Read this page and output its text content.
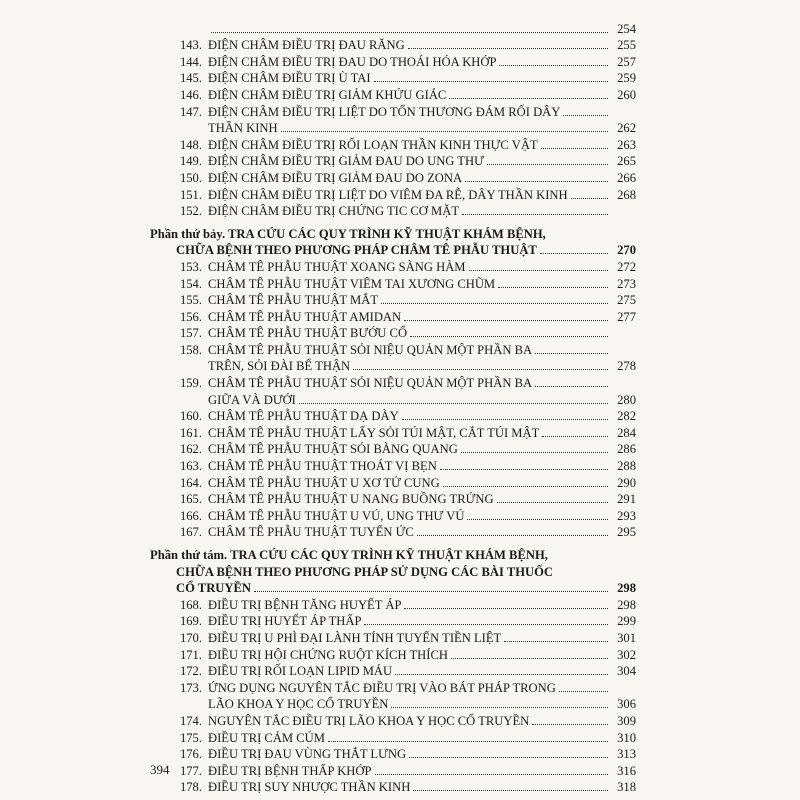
254
143. ĐIỆN CHÂM ĐIỀU TRỊ ĐAU RĂNG	255
144. ĐIỆN CHÂM ĐIỀU TRỊ ĐAU DO THOÁI HÓA KHỚP	257
145. ĐIỆN CHÂM ĐIỀU TRỊ Ù TAI	259
146. ĐIỆN CHÂM ĐIỀU TRỊ GIẢM KHỨU GIÁC	260
147. ĐIỆN CHÂM ĐIỀU TRỊ LIỆT DO TỔN THƯƠNG ĐÁM RỐI DÂY
THẦN KINH	262
148. ĐIỆN CHÂM ĐIỀU TRỊ RỐI LOẠN THẦN KINH THỰC VẬT	263
149. ĐIỆN CHÂM ĐIỀU TRỊ GIẢM ĐAU DO UNG THƯ	265
150. ĐIỆN CHÂM ĐIỀU TRỊ GIẢM ĐAU DO ZONA	266
151. ĐIỆN CHÂM ĐIỀU TRỊ LIỆT DO VIÊM ĐA RỄ, DÂY THẦN KINH	268
152. ĐIỆN CHÂM ĐIỀU TRỊ CHỨNG TIC CƠ MẶT
Phần thứ bảy. TRA CỨU CÁC QUY TRÌNH KỸ THUẬT KHÁM BỆNH,
CHỮA BỆNH THEO PHƯƠNG PHÁP CHÂM TÊ PHẪU THUẬT	270
153. CHÂM TÊ PHẪU THUẬT XOANG SÀNG HÀM	272
154. CHÂM TÊ PHẪU THUẬT VIÊM TAI XƯƠNG CHŨM	273
155. CHÂM TÊ PHẪU THUẬT MẮT	275
156. CHÂM TÊ PHẪU THUẬT AMIDAN	277
157. CHÂM TÊ PHẪU THUẬT BƯỚU CỔ
158. CHÂM TÊ PHẪU THUẬT SỎI NIỆU QUẢN MỘT PHẦN BA
TRÊN, SỎI ĐÀI BỂ THẬN	278
159. CHÂM TÊ PHẪU THUẬT SỎI NIỆU QUẢN MỘT PHẦN BA
GIỮA VÀ DƯỚI	280
160. CHÂM TÊ PHẪU THUẬT DẠ DÀY	282
161. CHÂM TÊ PHẪU THUẬT LẤY SỎI TÚI MẬT, CẮT TÚI MẬT	284
162. CHÂM TÊ PHẪU THUẬT SỎI BÀNG QUANG	286
163. CHÂM TÊ PHẪU THUẬT THOÁT VỊ BẸN	288
164. CHÂM TÊ PHẪU THUẬT U XƠ TỬ CUNG	290
165. CHÂM TÊ PHẪU THUẬT U NANG BUỒNG TRỨNG	291
166. CHÂM TÊ PHẪU THUẬT U VÚ, UNG THƯ VÚ	293
167. CHÂM TÊ PHẪU THUẬT TUYẾN ỨC	295
Phần thứ tám. TRA CỨU CÁC QUY TRÌNH KỸ THUẬT KHÁM BỆNH,
CHỮA BỆNH THEO PHƯƠNG PHÁP SỬ DỤNG CÁC BÀI THUỐC
CỔ TRUYỀN	298
168. ĐIỀU TRỊ BỆNH TĂNG HUYẾT ÁP	298
169. ĐIỀU TRỊ HUYẾT ÁP THẤP	299
170. ĐIỀU TRỊ U PHÌ ĐẠI LÀNH TÍNH TUYẾN TIỀN LIỆT	301
171. ĐIỀU TRỊ HỘI CHỨNG RUỘT KÍCH THÍCH	302
172. ĐIỀU TRỊ RỐI LOẠN LIPID MÁU	304
173. ỨNG DỤNG NGUYÊN TẮC ĐIỀU TRỊ VÀO BÁT PHÁP TRONG
LÃO KHOA Y HỌC CỔ TRUYỀN	306
174. NGUYÊN TẮC ĐIỀU TRỊ LÃO KHOA Y HỌC CỔ TRUYỀN	309
175. ĐIỀU TRỊ CẢM CÚM	310
176. ĐIỀU TRỊ ĐAU VÙNG THẮT LƯNG	313
177. ĐIỀU TRỊ BỆNH THẤP KHỚP	316
178. ĐIỀU TRỊ SUY NHƯỢC THẦN KINH	318
394
